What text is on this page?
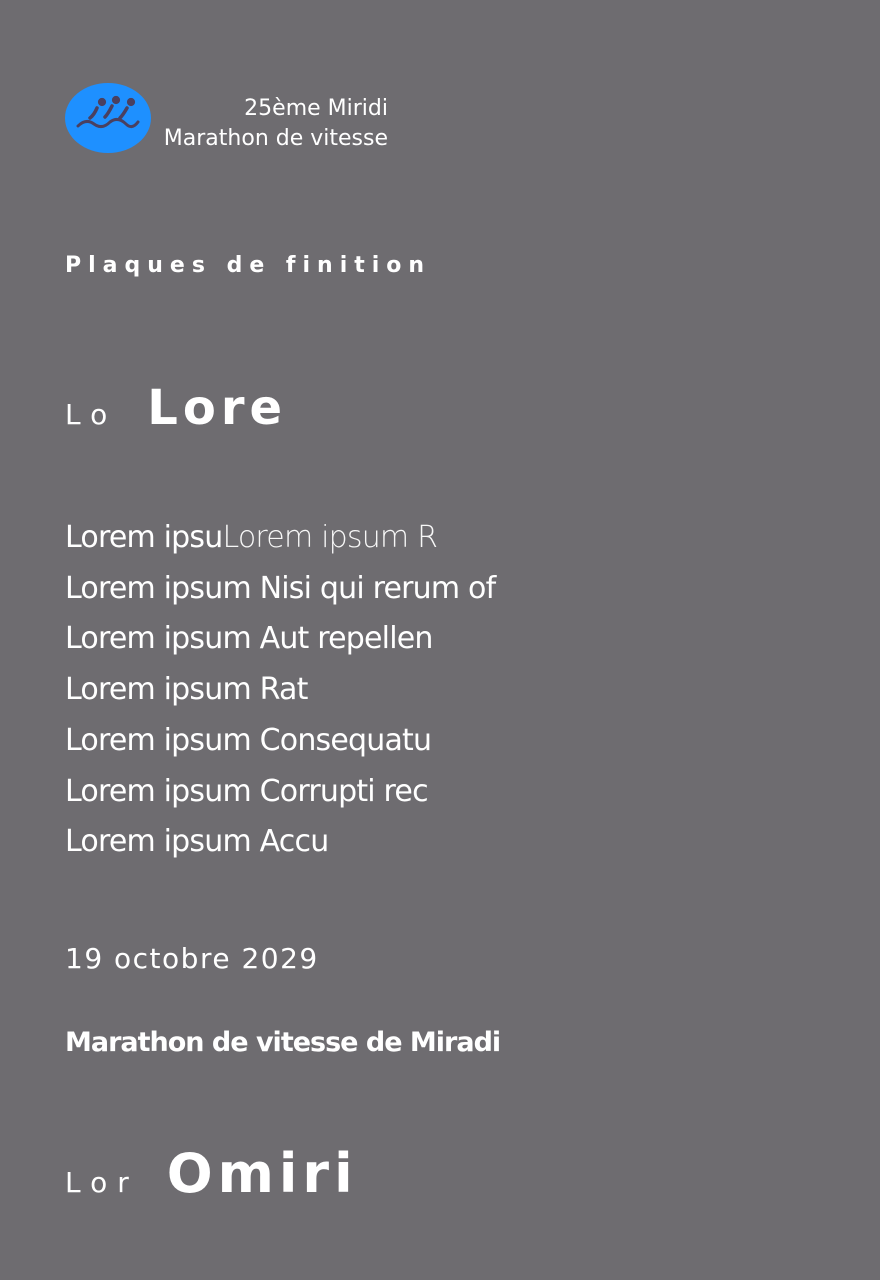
25ème Miridi
Marathon de vitesse
Plaques de finition
Lo Lore
Lorem ipsuLorem ipsum R
Lorem ipsum Nisi qui rerum of
Lorem ipsum Aut repellen
Lorem ipsum Rat
Lorem ipsum Consequatu
Lorem ipsum Corrupti rec
Lorem ipsum Accu
19 octobre 2029
Marathon de vitesse de Miradi
Lor Omiri
